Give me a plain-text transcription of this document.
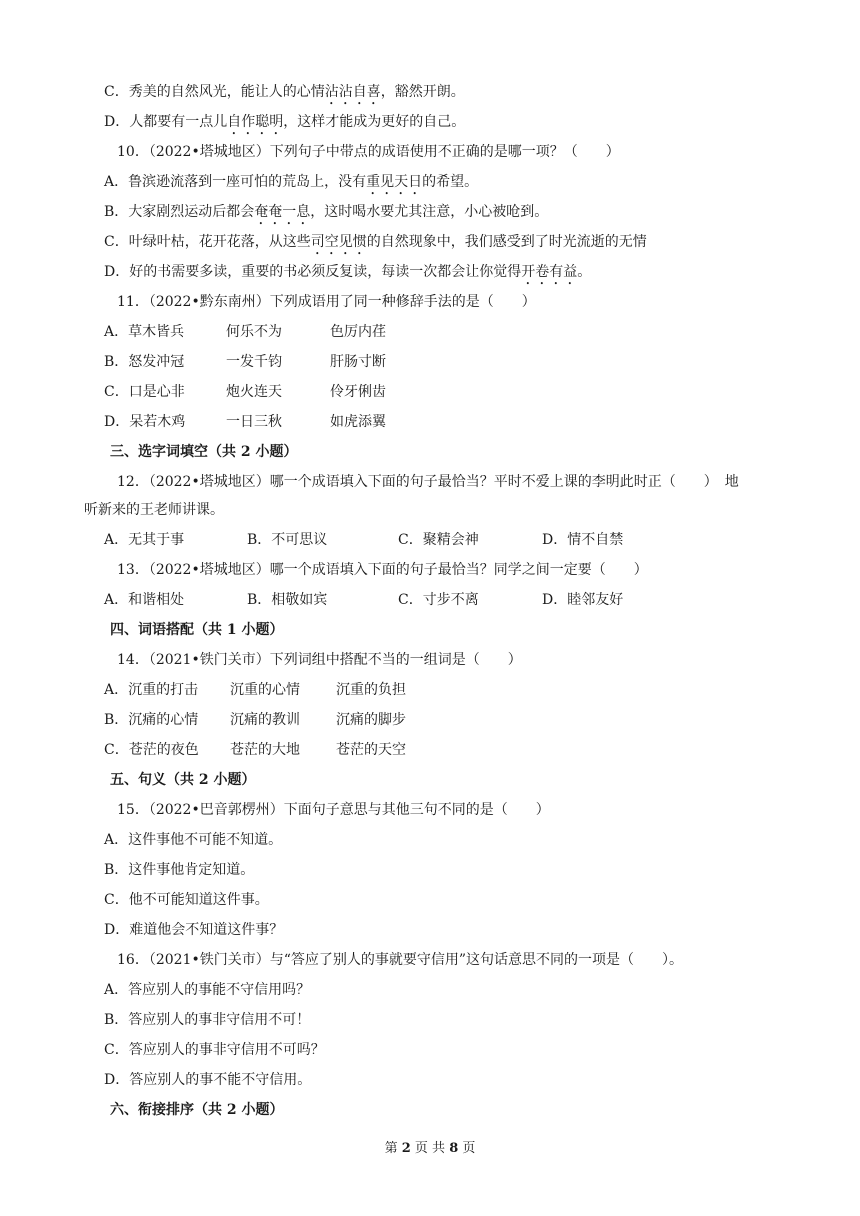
C．秀美的自然风光，能让人的心情沾沾自喜，豁然开朗。
D．人都要有一点儿自作聪明，这样才能成为更好的自己。
10．（2022•塔城地区）下列句子中带点的成语使用不正确的是哪一项？（　　）
A．鲁滨逊流落到一座可怕的荒岛上，没有重见天日的希望。
B．大家剧烈运动后都会奄奄一息，这时喝水要尤其注意，小心被呛到。
C．叶绿叶枯，花开花落，从这些司空见惯的自然现象中，我们感受到了时光流逝的无情
D．好的书需要多读，重要的书必须反复读，每读一次都会让你觉得开卷有益。
11．（2022•黔东南州）下列成语用了同一种修辞手法的是（　　）
A．草木皆兵	何乐不为	色厉内荏
B．怒发冲冠	一发千钧	肝肠寸断
C．口是心非	炮火连天	伶牙俐齿
D．呆若木鸡	一日三秋	如虎添翼
三、选字词填空（共 2 小题）
12．（2022•塔城地区）哪一个成语填入下面的句子最恰当？平时不爱上课的李明此时正（　　）　地
听新来的王老师讲课。
A．无其于事	B．不可思议	C．聚精会神	D．情不自禁
13．（2022•塔城地区）哪一个成语填入下面的句子最恰当？同学之间一定要（　　）
A．和谐相处	B．相敬如宾	C．寸步不离	D．睦邻友好
四、词语搭配（共 1 小题）
14．（2021•铁门关市）下列词组中搭配不当的一组词是（　　）
A．沉重的打击 沉重的心情	沉重的负担
B．沉痛的心情 沉痛的教训	沉痛的脚步
C．苍茫的夜色 苍茫的大地	苍茫的天空
五、句义（共 2 小题）
15．（2022•巴音郭楞州）下面句子意思与其他三句不同的是（　　）
A．这件事他不可能不知道。
B．这件事他肯定知道。
C．他不可能知道这件事。
D．难道他会不知道这件事？
16．（2021•铁门关市）与“答应了别人的事就要守信用”这句话意思不同的一项是（　　）。
A．答应别人的事能不守信用吗？
B．答应别人的事非守信用不可！
C．答应别人的事非守信用不可吗？
D．答应别人的事不能不守信用。
六、衔接排序（共 2 小题）
第 2 页 共 8 页
